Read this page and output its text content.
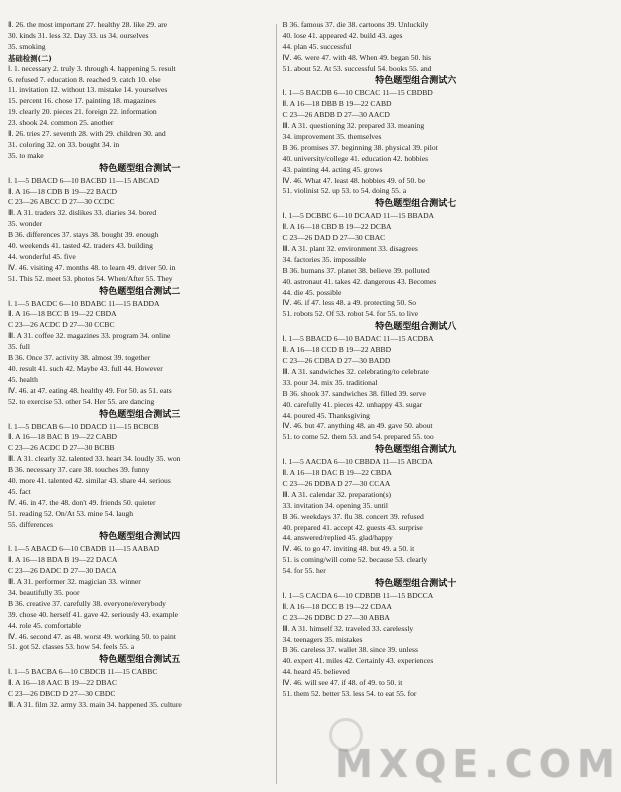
Ⅱ. 26. the most important 27. healthy 28. like 29. are
30. kinds 31. less 32. Day 33. us 34. ourselves
35. smoking
基础检测(二)
Ⅰ. 1. necessary 2. truly 3. through 4. happening 5. result
6. refused 7. education 8. reached 9. catch 10. else
11. invitation 12. without 13. mistake 14. yourselves
15. percent 16. chose 17. painting 18. magazines
19. clearly 20. pieces 21. foreign 22. information
23. shook 24. common 25. another
Ⅱ. 26. tries 27. seventh 28. with 29. children 30. and
31. coloring 32. on 33. bought 34. in
35. to make
特色题型组合测试一
Ⅰ. 1—5 DBACD 6—10 BACBD 11—15 ABCAD
Ⅱ. A 16—18 CDB B 19—22 BACD
C 23—26 ABCC D 27—30 CCDC
Ⅲ. A 31. traders 32. dislikes 33. diaries 34. bored
35. wonder
B 36. differences 37. stays 38. bought 39. enough
40. weekends 41. tasted 42. traders 43. building
44. wonderful 45. five
Ⅳ. 46. visiting 47. months 48. to learn 49. driver 50. in
51. This 52. meet 53. photos 54. When/After 55. They
特色题型组合测试二
Ⅰ. 1—5 BACDC 6—10 BDABC 11—15 BADDA
Ⅱ. A 16—18 BCC B 19—22 CBDA
C 23—26 ACDC D 27—30 CCBC
Ⅲ. A 31. coffee 32. magazines 33. program 34. online
35. full
B 36. Once 37. activity 38. almost 39. together
40. result 41. such 42. Maybe 43. full 44. However
45. health
Ⅳ. 46. at 47. eating 48. healthy 49. For 50. as 51. eats
52. to exercise 53. other 54. Her 55. are dancing
特色题型组合测试三
Ⅰ. 1—5 DBCAB 6—10 DDACD 11—15 BCBCB
Ⅱ. A 16—18 BAC B 19—22 CABD
C 23—26 ACDC D 27—30 BCBB
Ⅲ. A 31. clearly 32. talented 33. heart 34. loudly 35. won
B 36. necessary 37. care 38. touches 39. funny
40. more 41. talented 42. similar 43. share 44. serious
45. fact
Ⅳ. 46. in 47. the 48. don't 49. friends 50. quieter
51. reading 52. On/At 53. mine 54. laugh
55. differences
特色题型组合测试四
Ⅰ. 1—5 ABACD 6—10 CBADB 11—15 AABAD
Ⅱ. A 16—18 BDA B 19—22 DACA
C 23—26 DADC D 27—30 DACA
Ⅲ. A 31. performer 32. magician 33. winner
34. beautifully 35. poor
B 36. creative 37. carefully 38. everyone/everybody
39. chose 40. herself 41. gave 42. seriously 43. example
44. role 45. comfortable
Ⅳ. 46. second 47. as 48. worst 49. working 50. to paint
51. got 52. classes 53. how 54. feels 55. a
特色题型组合测试五
Ⅰ. 1—5 BACBA 6—10 CBDCB 11—15 CABBC
Ⅱ. A 16—18 AAC B 19—22 DBAC
C 23—26 DBCD D 27—30 CBDC
Ⅲ. A 31. film 32. army 33. main 34. happened 35. culture
B 36. famous 37. die 38. cartoons 39. Unluckily
40. lose 41. appeared 42. build 43. ages
44. plan 45. successful
Ⅳ. 46. were 47. with 48. When 49. began 50. his
51. about 52. At 53. successful 54. books 55. and
特色题型组合测试六
Ⅰ. 1—5 BACDB 6—10 CBCAC 11—15 CBDBD
Ⅱ. A 16—18 DBB B 19—22 CABD
C 23—26 ABDB D 27—30 AACD
Ⅲ. A 31. questioning 32. prepared 33. meaning
34. improvement 35. themselves
B 36. promises 37. beginning 38. physical 39. pilot
40. university/college 41. education 42. hobbies
43. painting 44. acting 45. grows
Ⅳ. 46. What 47. least 48. hobbies 49. of 50. be
51. violinist 52. up 53. to 54. doing 55. a
特色题型组合测试七
Ⅰ. 1—5 DCBBC 6—10 DCAAD 11—15 BBADA
Ⅱ. A 16—18 CBD B 19—22 DCBA
C 23—26 DAD D 27—30 CBAC
Ⅲ. A 31. plant 32. environment 33. disagrees
34. factories 35. impossible
B 36. humans 37. planet 38. believe 39. polluted
40. astronaut 41. takes 42. dangerous 43. Becomes
44. die 45. possible
Ⅳ. 46. if 47. less 48. a 49. protecting 50. So
51. robots 52. Of 53. robot 54. for 55. to live
特色题型组合测试八
Ⅰ. 1—5 BBACD 6—10 BADAC 11—15 ACDBA
Ⅱ. A 16—18 CCD B 19—22 ABBD
C 23—26 CDBA D 27—30 BADD
Ⅲ. A 31. sandwiches 32. celebrating/to celebrate
33. pour 34. mix 35. traditional
B 36. shook 37. sandwiches 38. filled 39. serve
40. carefully 41. pieces 42. unhappy 43. sugar
44. poured 45. Thanksgiving
Ⅳ. 46. but 47. anything 48. an 49. gave 50. about
51. to come 52. them 53. and 54. prepared 55. too
特色题型组合测试九
Ⅰ. 1—5 AACDA 6—10 CBBDA 11—15 ABCDA
Ⅱ. A 16—18 DAC B 19—22 CBDA
C 23—26 DDBA D 27—30 CCAA
Ⅲ. A 31. calendar 32. preparation(s)
33. invitation 34. opening 35. until
B 36. weekdays 37. flu 38. concert 39. refused
40. prepared 41. accept 42. guests 43. surprise
44. answered/replied 45. glad/happy
Ⅳ. 46. to go 47. inviting 48. but 49. a 50. it
51. is coming/will come 52. because 53. clearly
54. for 55. her
特色题型组合测试十
Ⅰ. 1—5 CACDA 6—10 CDBDB 11—15 BDCCA
Ⅱ. A 16—18 DCC B 19—22 CDAA
C 23—26 DDBC D 27—30 ABBA
Ⅲ. A 31. himself 32. traveled 33. carelessly
34. teenagers 35. mistakes
B 36. careless 37. wallet 38. since 39. unless
40. expert 41. miles 42. Certainly 43. experiences
44. heard 45. believed
Ⅳ. 46. will see 47. if 48. of 49. to 50. it
51. them 52. better 53. less 54. to eat 55. for
MXQE.COM
